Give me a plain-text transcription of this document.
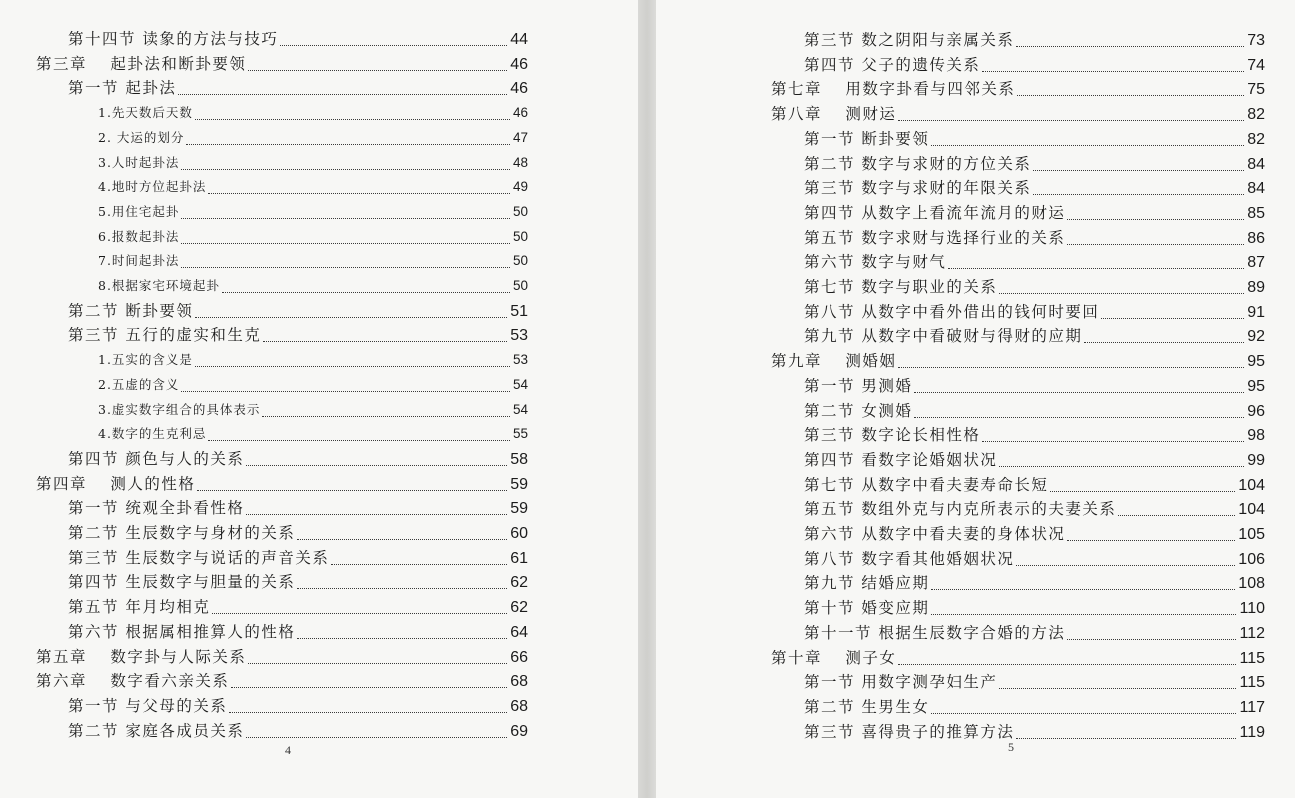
第十四节 读象的方法与技巧	44
第三章　 起卦法和断卦要领	46
第一节 起卦法	46
1.先天数后天数	46
2. 大运的划分	47
3.人时起卦法	48
4.地时方位起卦法	49
5.用住宅起卦	50
6.报数起卦法	50
7.时间起卦法	50
8.根据家宅环境起卦	50
第二节 断卦要领	51
第三节 五行的虚实和生克	53
1.五实的含义是	53
2.五虚的含义	54
3.虚实数字组合的具体表示	54
4.数字的生克利忌	55
第四节 颜色与人的关系	58
第四章　 测人的性格	59
第一节 统观全卦看性格	59
第二节 生辰数字与身材的关系	60
第三节 生辰数字与说话的声音关系	61
第四节 生辰数字与胆量的关系	62
第五节 年月均相克	62
第六节 根据属相推算人的性格	64
第五章　 数字卦与人际关系	66
第六章　 数字看六亲关系	68
第一节 与父母的关系	68
第二节 家庭各成员关系	69
4
第三节 数之阴阳与亲属关系	73
第四节 父子的遗传关系	74
第七章　 用数字卦看与四邻关系	75
第八章　 测财运	82
第一节 断卦要领	82
第二节 数字与求财的方位关系	84
第三节 数字与求财的年限关系	84
第四节 从数字上看流年流月的财运	85
第五节 数字求财与选择行业的关系	86
第六节 数字与财气	87
第七节 数字与职业的关系	89
第八节 从数字中看外借出的钱何时要回	91
第九节 从数字中看破财与得财的应期	92
第九章　 测婚姻	95
第一节 男测婚	95
第二节 女测婚	96
第三节 数字论长相性格	98
第四节 看数字论婚姻状况	99
第七节 从数字中看夫妻寿命长短	104
第五节 数组外克与内克所表示的夫妻关系	104
第六节 从数字中看夫妻的身体状况	105
第八节 数字看其他婚姻状况	106
第九节 结婚应期	108
第十节 婚变应期	110
第十一节 根据生辰数字合婚的方法	112
第十章　 测子女	115
第一节 用数字测孕妇生产	115
第二节 生男生女	117
第三节 喜得贵子的推算方法	119
5
